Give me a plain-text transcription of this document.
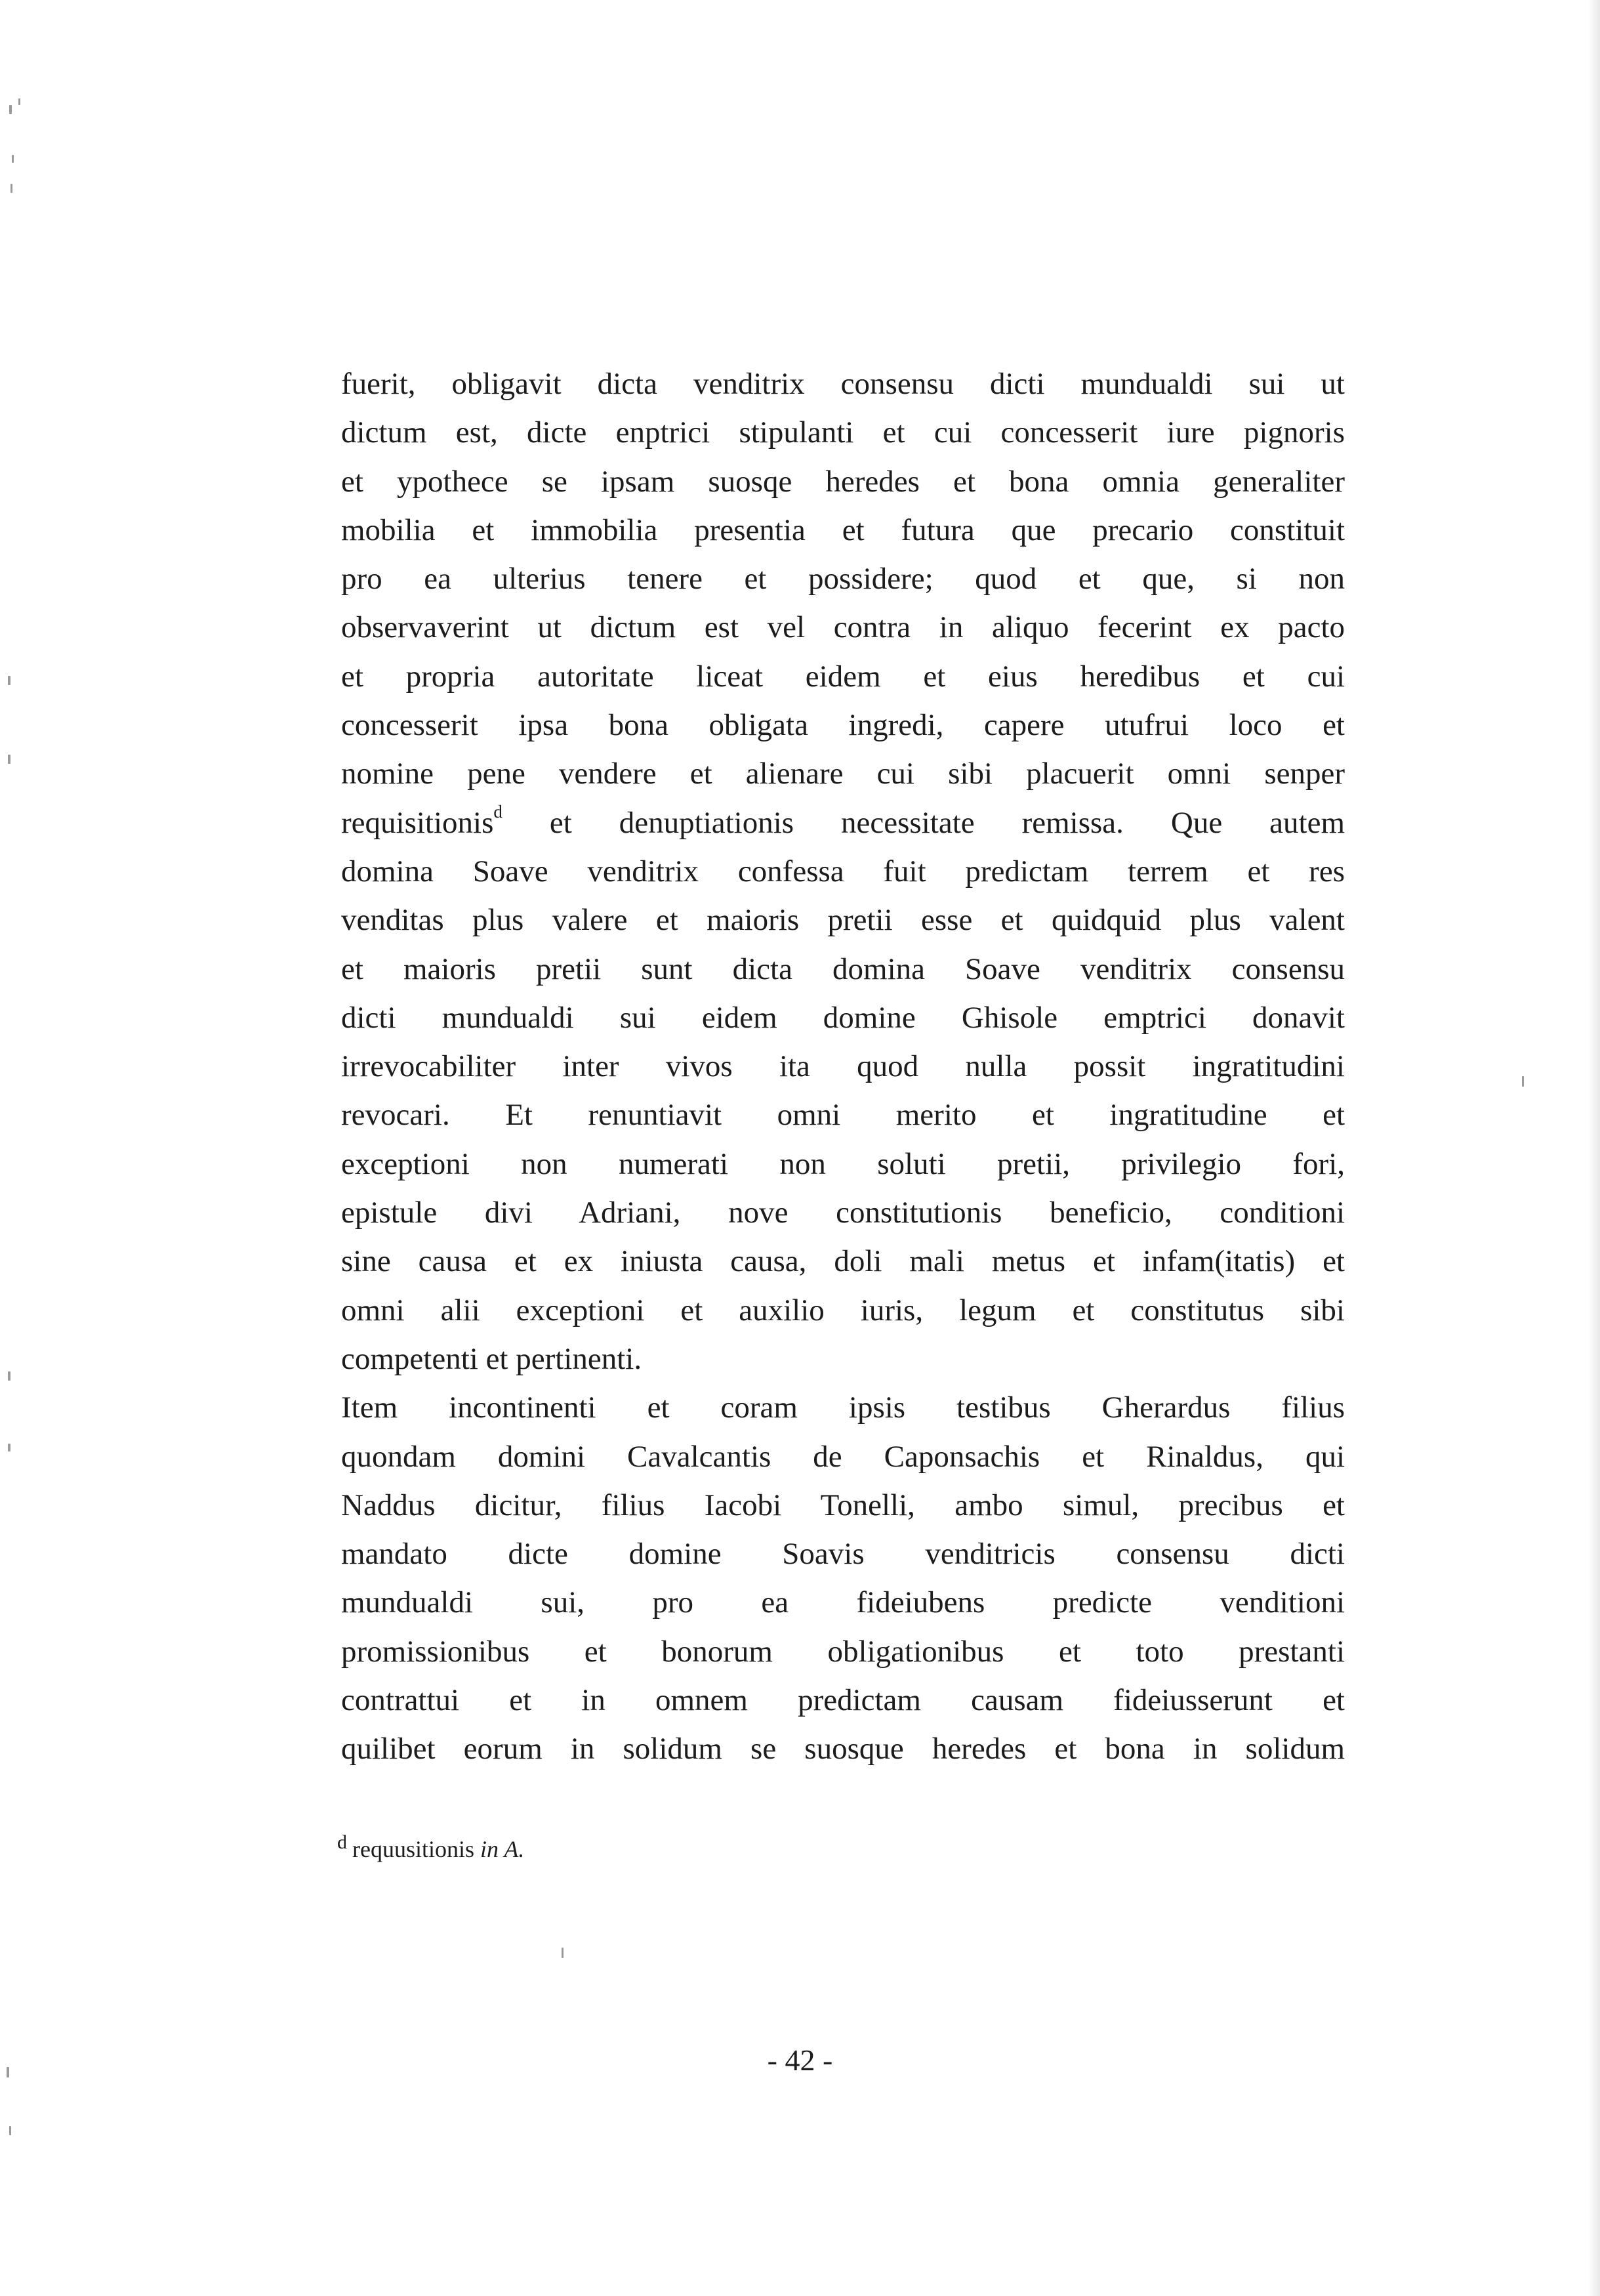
fuerit, obligavit dicta venditrix consensu dicti mundualdi sui ut
dictum est, dicte enptrici stipulanti et cui concesserit iure pignoris
et ypothece se ipsam suosqe heredes et bona omnia generaliter
mobilia et immobilia presentia et futura que precario constituit
pro ea ulterius tenere et possidere; quod et que, si non
observaverint ut dictum est vel contra in aliquo fecerint ex pacto
et propria autoritate liceat eidem et eius heredibus et cui
concesserit ipsa bona obligata ingredi, capere utufrui loco et
nomine pene vendere et alienare cui sibi placuerit omni senper
requisitionis$^d$ et denuptiationis necessitate remissa. Que autem
domina Soave venditrix confessa fuit predictam terrem et res
venditas plus valere et maioris pretii esse et quidquid plus valent
et maioris pretii sunt dicta domina Soave venditrix consensu
dicti mundualdi sui eidem domine Ghisole emptrici donavit
irrevocabiliter inter vivos ita quod nulla possit ingratitudini
revocari. Et renuntiavit omni merito et ingratitudine et
exceptioni non numerati non soluti pretii, privilegio fori,
epistule divi Adriani, nove constitutionis beneficio, conditioni
sine causa et ex iniusta causa, doli mali metus et infam(itatis) et
omni alii exceptioni et auxilio iuris, legum et constitutus sibi
competenti et pertinenti.
Item incontinenti et coram ipsis testibus Gherardus filius
quondam domini Cavalcantis de Caponsachis et Rinaldus, qui
Naddus dicitur, filius Iacobi Tonelli, ambo simul, precibus et
mandato dicte domine Soavis venditricis consensu dicti
mundualdi sui, pro ea fideiubens predicte venditioni
promissionibus et bonorum obligationibus et toto prestanti
contrattui et in omnem predictam causam fideiusserunt et
quilibet eorum in solidum se suosque heredes et bona in solidum
$^d$ requusitionis in A.
- 42 -
